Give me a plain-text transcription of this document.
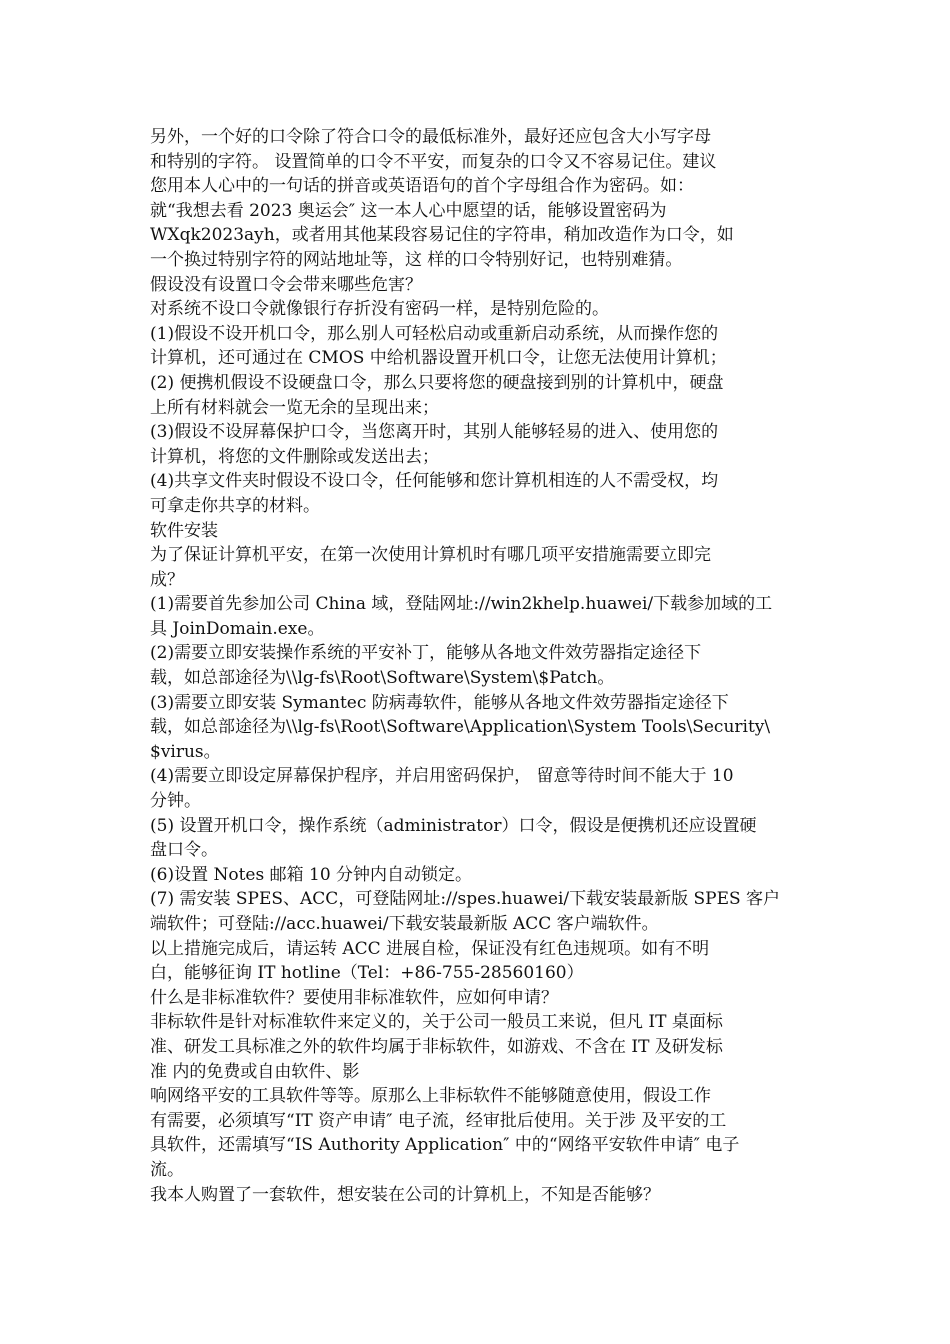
另外，一个好的口令除了符合口令的最低标准外，最好还应包含大小写字母
和特别的字符。 设置简单的口令不平安，而复杂的口令又不容易记住。建议
您用本人心中的一句话的拼音或英语语句的首个字母组合作为密码。如：
就“我想去看 2023 奥运会″ 这一本人心中愿望的话，能够设置密码为
WXqk2023ayh，或者用其他某段容易记住的字符串，稍加改造作为口令，如
一个换过特别字符的网站地址等，这 样的口令特别好记，也特别难猜。

假设没有设置口令会带来哪些危害？

对系统不设口令就像银行存折没有密码一样，是特别危险的。

(1)假设不设开机口令，那么别人可轻松启动或重新启动系统，从而操作您的
计算机，还可通过在 CMOS 中给机器设置开机口令，让您无法使用计算机；

(2) 便携机假设不设硬盘口令，那么只要将您的硬盘接到别的计算机中，硬盘
上所有材料就会一览无余的呈现出来；

(3)假设不设屏幕保护口令，当您离开时，其别人能够轻易的进入、使用您的
计算机，将您的文件删除或发送出去；

(4)共享文件夹时假设不设口令，任何能够和您计算机相连的人不需受权，均
可拿走你共享的材料。

软件安装

为了保证计算机平安，在第一次使用计算机时有哪几项平安措施需要立即完
成？

(1)需要首先参加公司 China 域，登陆网址://win2khelp.huawei/下载参加域的工
具 JoinDomain.exe。

(2)需要立即安装操作系统的平安补丁，能够从各地文件效劳器指定途径下
载，如总部途径为\\lg-fs\Root\Software\System\$Patch。

(3)需要立即安装 Symantec 防病毒软件，能够从各地文件效劳器指定途径下
载，如总部途径为\\lg-fs\Root\Software\Application\System Tools\Security\
$virus。

(4)需要立即设定屏幕保护程序，并启用密码保护， 留意等待时间不能大于 10
分钟。

(5) 设置开机口令，操作系统（administrator）口令，假设是便携机还应设置硬
盘口令。

(6)设置 Notes 邮箱 10 分钟内自动锁定。

(7) 需安装 SPES、ACC，可登陆网址://spes.huawei/下载安装最新版 SPES 客户
端软件；可登陆://acc.huawei/下载安装最新版 ACC 客户端软件。

以上措施完成后，请运转 ACC 进展自检，保证没有红色违规项。如有不明
白，能够征询 IT hotline（Tel：+86-755-28560160）

什么是非标准软件？要使用非标准软件，应如何申请？

非标软件是针对标准软件来定义的，关于公司一般员工来说，但凡 IT 桌面标
准、研发工具标准之外的软件均属于非标软件，如游戏、不含在 IT 及研发标
准 内的免费或自由软件、影

响网络平安的工具软件等等。原那么上非标软件不能够随意使用，假设工作
有需要，必须填写“IT 资产申请″ 电子流，经审批后使用。关于涉 及平安的工
具软件，还需填写“IS Authority Application″ 中的“网络平安软件申请″ 电子
流。

我本人购置了一套软件，想安装在公司的计算机上，不知是否能够？
